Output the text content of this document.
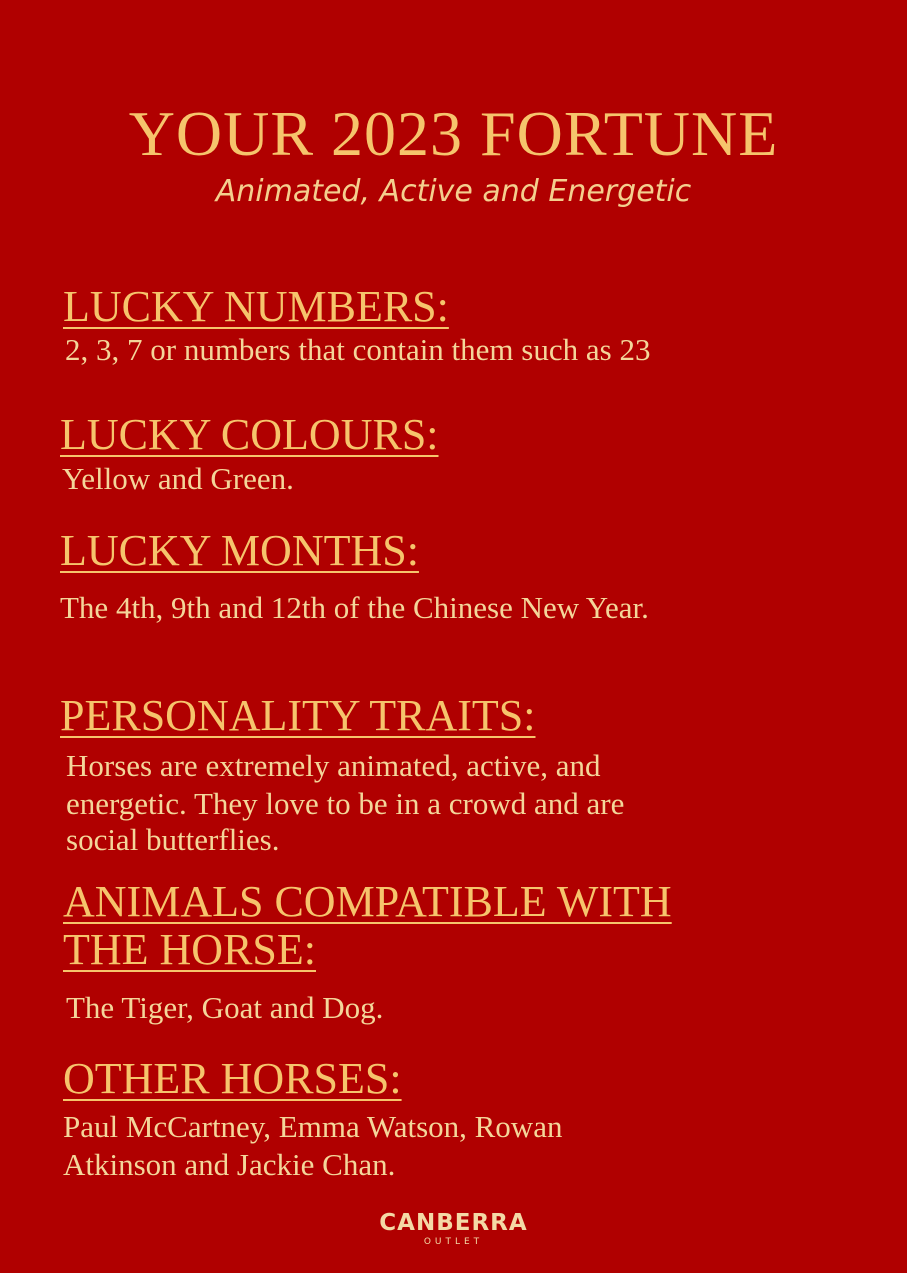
YOUR 2023 FORTUNE
Animated, Active and Energetic
LUCKY NUMBERS:
2, 3, 7 or numbers that contain them such as 23
LUCKY COLOURS:
Yellow and Green.
LUCKY MONTHS:
The 4th, 9th and 12th of the Chinese New Year.
PERSONALITY TRAITS:
Horses are extremely animated, active, and
energetic. They love to be in a crowd and are
social butterflies.
ANIMALS COMPATIBLE WITH
THE HORSE:
The Tiger, Goat and Dog.
OTHER HORSES:
Paul McCartney, Emma Watson, Rowan
Atkinson and Jackie Chan.
CANBERRA
OUTLET
